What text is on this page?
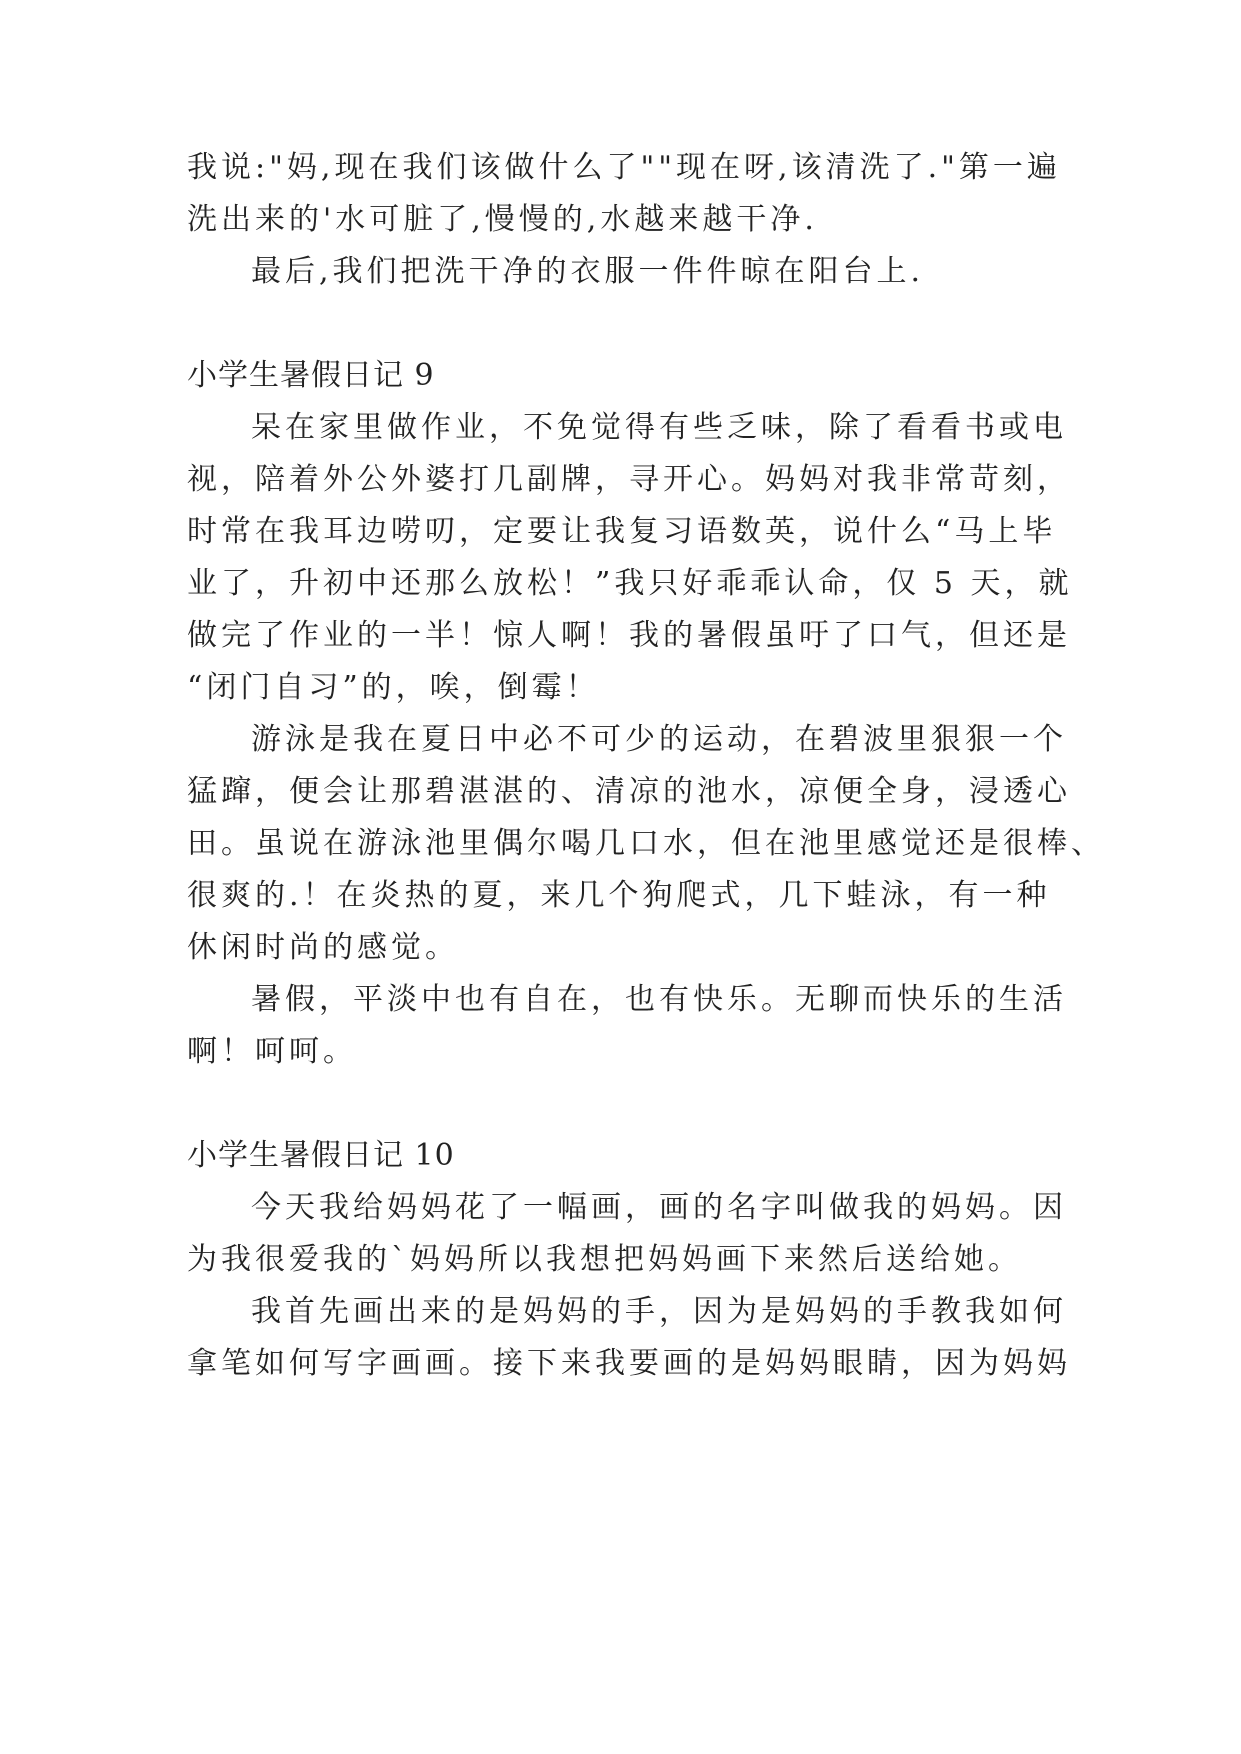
我说:"妈,现在我们该做什么了""现在呀,该清洗了."第一遍
洗出来的'水可脏了,慢慢的,水越来越干净.
最后,我们把洗干净的衣服一件件晾在阳台上.
小学生暑假日记 9
呆在家里做作业，不免觉得有些乏味，除了看看书或电
视，陪着外公外婆打几副牌，寻开心。妈妈对我非常苛刻，
时常在我耳边唠叨，定要让我复习语数英，说什么“马上毕
业了，升初中还那么放松！”我只好乖乖认命，仅 5 天，就
做完了作业的一半！惊人啊！我的暑假虽吁了口气，但还是
“闭门自习”的，唉，倒霉！
游泳是我在夏日中必不可少的运动，在碧波里狠狠一个
猛蹿，便会让那碧湛湛的、清凉的池水，凉便全身，浸透心
田。虽说在游泳池里偶尔喝几口水，但在池里感觉还是很棒、
很爽的.！在炎热的夏，来几个狗爬式，几下蛙泳，有一种
休闲时尚的感觉。
暑假，平淡中也有自在，也有快乐。无聊而快乐的生活
啊！呵呵。
小学生暑假日记 10
今天我给妈妈花了一幅画，画的名字叫做我的妈妈。因
为我很爱我的`妈妈所以我想把妈妈画下来然后送给她。
我首先画出来的是妈妈的手，因为是妈妈的手教我如何
拿笔如何写字画画。接下来我要画的是妈妈眼睛，因为妈妈
